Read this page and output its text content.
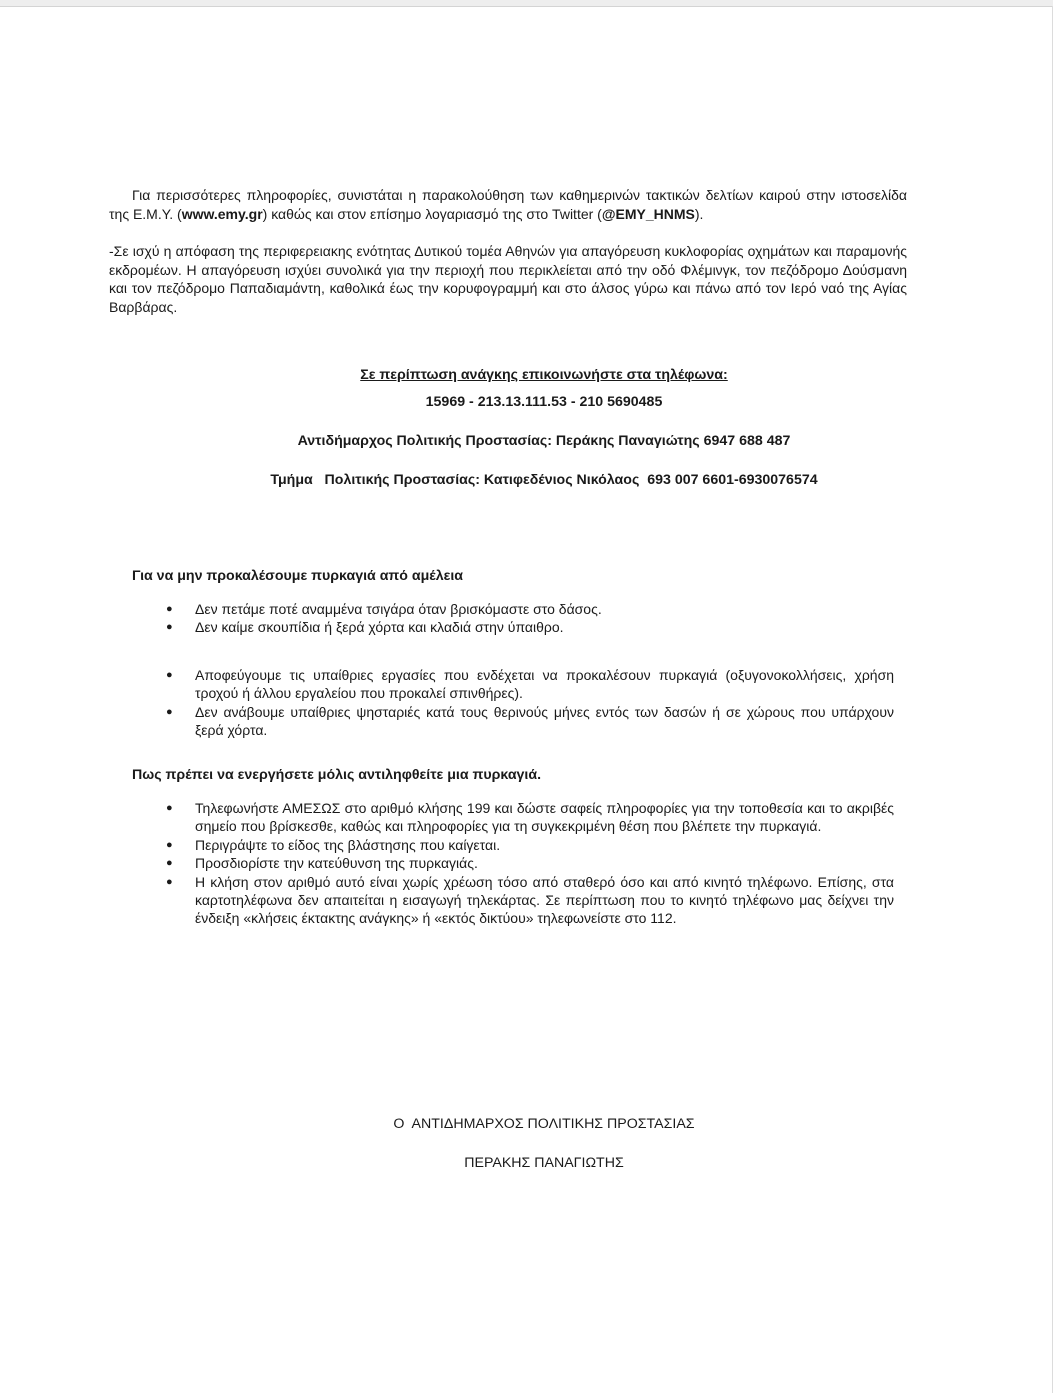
Για περισσότερες πληροφορίες, συνιστάται η παρακολούθηση των καθημερινών τακτικών δελτίων καιρού στην ιστοσελίδα της Ε.Μ.Υ. (www.emy.gr) καθώς και στον επίσημο λογαριασμό της στο Twitter (@EMY_HNMS).

-Σε ισχύ η απόφαση της περιφερειακης ενότητας Δυτικού τομέα Αθηνών για απαγόρευση κυκλοφορίας οχημάτων και παραμονής εκδρομέων. Η απαγόρευση ισχύει συνολικά για την περιοχή που περικλείεται από την οδό Φλέμινγκ, τον πεζόδρομο Δούσμανη και τον πεζόδρομο Παπαδιαμάντη, καθολικά έως την κορυφογραμμή και στο άλσος γύρω και πάνω από τον Ιερό ναό της Αγίας Βαρβάρας.

Σε περίπτωση ανάγκης επικοινωνήστε στα τηλέφωνα:
15969 - 213.13.111.53 - 210 5690485
Αντιδήμαρχος Πολιτικής Προστασίας: Περάκης Παναγιώτης 6947 688 487
Τμήμα   Πολιτικής Προστασίας: Κατιφεδένιος Νικόλαος  693 007 6601-6930076574
Για να μην προκαλέσουμε πυρκαγιά από αμέλεια
● Δεν πετάμε ποτέ αναμμένα τσιγάρα όταν βρισκόμαστε στο δάσος.
● Δεν καίμε σκουπίδια ή ξερά χόρτα και κλαδιά στην ύπαιθρο.
● Αποφεύγουμε τις υπαίθριες εργασίες που ενδέχεται να προκαλέσουν πυρκαγιά (οξυγονοκολλήσεις, χρήση τροχού ή άλλου εργαλείου που προκαλεί σπινθήρες).
● Δεν ανάβουμε υπαίθριες ψησταριές κατά τους θερινούς μήνες εντός των δασών ή σε χώρους που υπάρχουν ξερά χόρτα.
Πως πρέπει να ενεργήσετε μόλις αντιληφθείτε μια πυρκαγιά.
● Τηλεφωνήστε ΑΜΕΣΩΣ στο αριθμό κλήσης 199 και δώστε σαφείς πληροφορίες για την τοποθεσία και το ακριβές σημείο που βρίσκεσθε, καθώς και πληροφορίες για τη συγκεκριμένη θέση που βλέπετε την πυρκαγιά.
● Περιγράψτε το είδος της βλάστησης που καίγεται.
● Προσδιορίστε την κατεύθυνση της πυρκαγιάς.
● Η κλήση στον αριθμό αυτό είναι χωρίς χρέωση τόσο από σταθερό όσο και από κινητό τηλέφωνο. Επίσης, στα καρτοτηλέφωνα δεν απαιτείται η εισαγωγή τηλεκάρτας. Σε περίπτωση που το κινητό τηλέφωνο μας δείχνει την ένδειξη «κλήσεις έκτακτης ανάγκης» ή «εκτός δικτύου» τηλεφωνείστε στο 112.
Ο  ΑΝΤΙΔΗΜΑΡΧΟΣ ΠΟΛΙΤΙΚΗΣ ΠΡΟΣΤΑΣΙΑΣ
ΠΕΡΑΚΗΣ ΠΑΝΑΓΙΩΤΗΣ
